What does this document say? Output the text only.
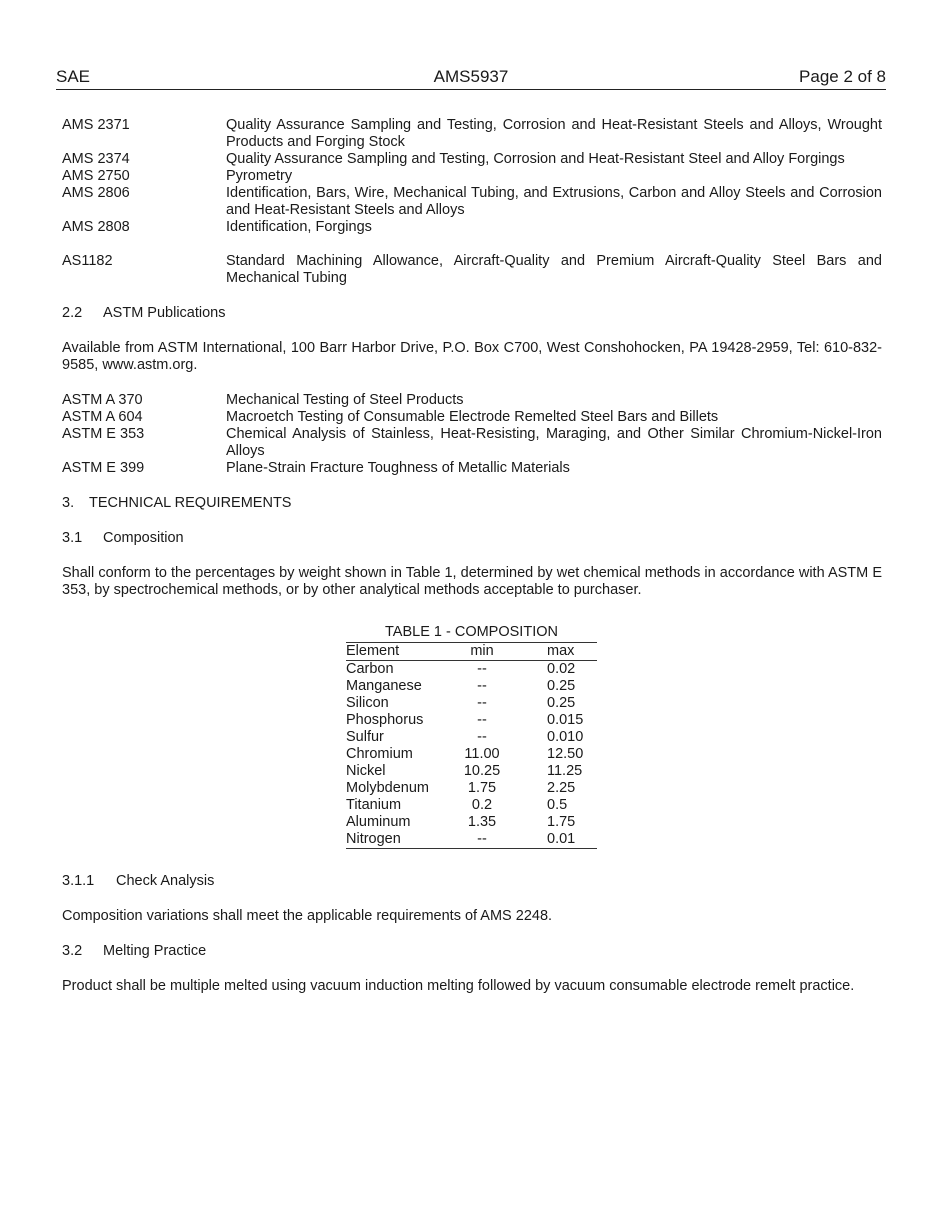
SAE	AMS5937	Page 2 of 8
AMS 2371	Quality Assurance Sampling and Testing, Corrosion and Heat-Resistant Steels and Alloys, Wrought Products and Forging Stock
AMS 2374	Quality Assurance Sampling and Testing, Corrosion and Heat-Resistant Steel and Alloy Forgings
AMS 2750	Pyrometry
AMS 2806	Identification, Bars, Wire, Mechanical Tubing, and Extrusions, Carbon and Alloy Steels and Corrosion and Heat-Resistant Steels and Alloys
AMS 2808	Identification, Forgings
AS1182	Standard Machining Allowance, Aircraft-Quality and Premium Aircraft-Quality Steel Bars and Mechanical Tubing
2.2 ASTM Publications
Available from ASTM International, 100 Barr Harbor Drive, P.O. Box C700, West Conshohocken, PA 19428-2959, Tel: 610-832-9585, www.astm.org.
ASTM A 370	Mechanical Testing of Steel Products
ASTM A 604	Macroetch Testing of Consumable Electrode Remelted Steel Bars and Billets
ASTM E 353	Chemical Analysis of Stainless, Heat-Resisting, Maraging, and Other Similar Chromium-Nickel-Iron Alloys
ASTM E 399	Plane-Strain Fracture Toughness of Metallic Materials
3. TECHNICAL REQUIREMENTS
3.1 Composition
Shall conform to the percentages by weight shown in Table 1, determined by wet chemical methods in accordance with ASTM E 353, by spectrochemical methods, or by other analytical methods acceptable to purchaser.
TABLE 1 - COMPOSITION
Element	min	max
Carbon	--	0.02
Manganese	--	0.25
Silicon	--	0.25
Phosphorus	--	0.015
Sulfur	--	0.010
Chromium	11.00	12.50
Nickel	10.25	11.25
Molybdenum	1.75	2.25
Titanium	0.2	0.5
Aluminum	1.35	1.75
Nitrogen	--	0.01
3.1.1 Check Analysis
Composition variations shall meet the applicable requirements of AMS 2248.
3.2 Melting Practice
Product shall be multiple melted using vacuum induction melting followed by vacuum consumable electrode remelt practice.
